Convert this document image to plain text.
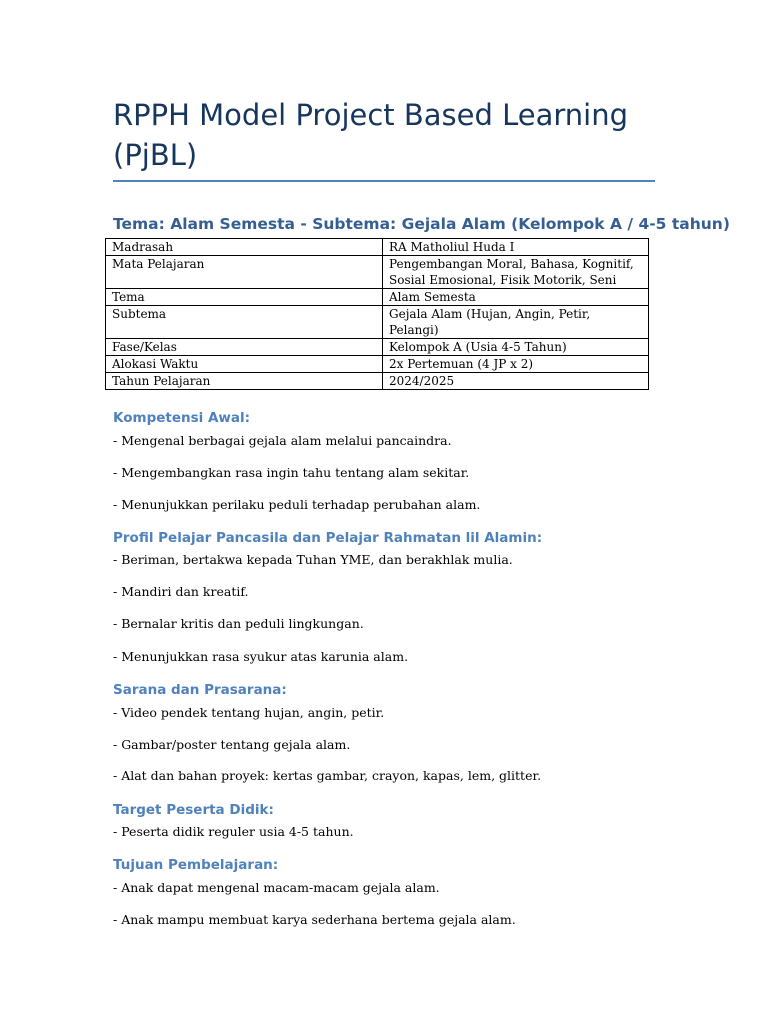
RPPH Model Project Based Learning (PjBL)
Tema: Alam Semesta - Subtema: Gejala Alam (Kelompok A / 4-5 tahun)
Madrasah	RA Matholiul Huda I
Mata Pelajaran	Pengembangan Moral, Bahasa, Kognitif, Sosial Emosional, Fisik Motorik, Seni
Tema	Alam Semesta
Subtema	Gejala Alam (Hujan, Angin, Petir, Pelangi)
Fase/Kelas	Kelompok A (Usia 4-5 Tahun)
Alokasi Waktu	2x Pertemuan (4 JP x 2)
Tahun Pelajaran	2024/2025
Kompetensi Awal:

- Mengenal berbagai gejala alam melalui pancaindra.

- Mengembangkan rasa ingin tahu tentang alam sekitar.

- Menunjukkan perilaku peduli terhadap perubahan alam.

Profil Pelajar Pancasila dan Pelajar Rahmatan lil Alamin:

- Beriman, bertakwa kepada Tuhan YME, dan berakhlak mulia.

- Mandiri dan kreatif.

- Bernalar kritis dan peduli lingkungan.

- Menunjukkan rasa syukur atas karunia alam.

Sarana dan Prasarana:

- Video pendek tentang hujan, angin, petir.

- Gambar/poster tentang gejala alam.

- Alat dan bahan proyek: kertas gambar, crayon, kapas, lem, glitter.

Target Peserta Didik:

- Peserta didik reguler usia 4-5 tahun.

Tujuan Pembelajaran:

- Anak dapat mengenal macam-macam gejala alam.

- Anak mampu membuat karya sederhana bertema gejala alam.
